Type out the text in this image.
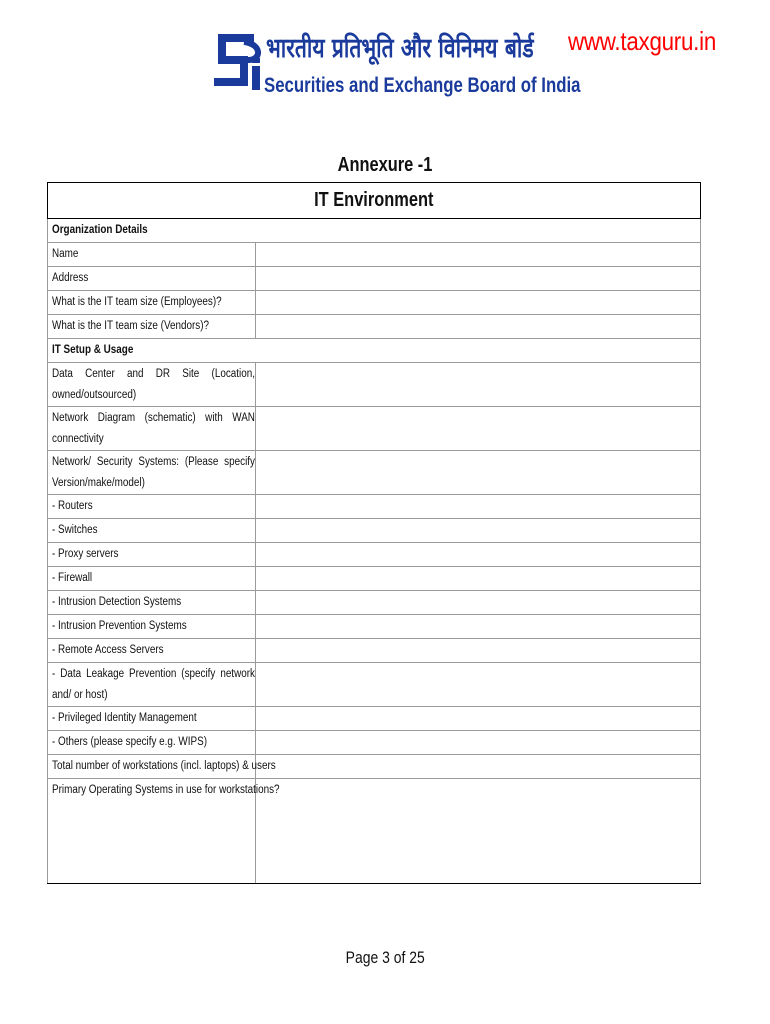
www.taxguru.in
भारतीय प्रतिभूति और विनिमय बोर्ड
Securities and Exchange Board of India
Annexure -1
IT Environment	

Organization Details	

Name	

Address	

What is the IT team size (Employees)?	

What is the IT team size (Vendors)?	

IT Setup & Usage	

Data Center and DR Site (Location, owned/outsourced)	

Network Diagram (schematic) with WAN connectivity	

Network/ Security Systems: (Please specify Version/make/model)	

- Routers	

- Switches	

- Proxy servers	

- Firewall	

- Intrusion Detection Systems	

- Intrusion Prevention Systems	

- Remote Access Servers	

- Data Leakage Prevention (specify network and/ or host)	

- Privileged Identity Management	

- Others (please specify e.g. WIPS)	

Total number of workstations (incl. laptops) & users	

Primary Operating Systems in use for workstations?	

Page 3 of 25
